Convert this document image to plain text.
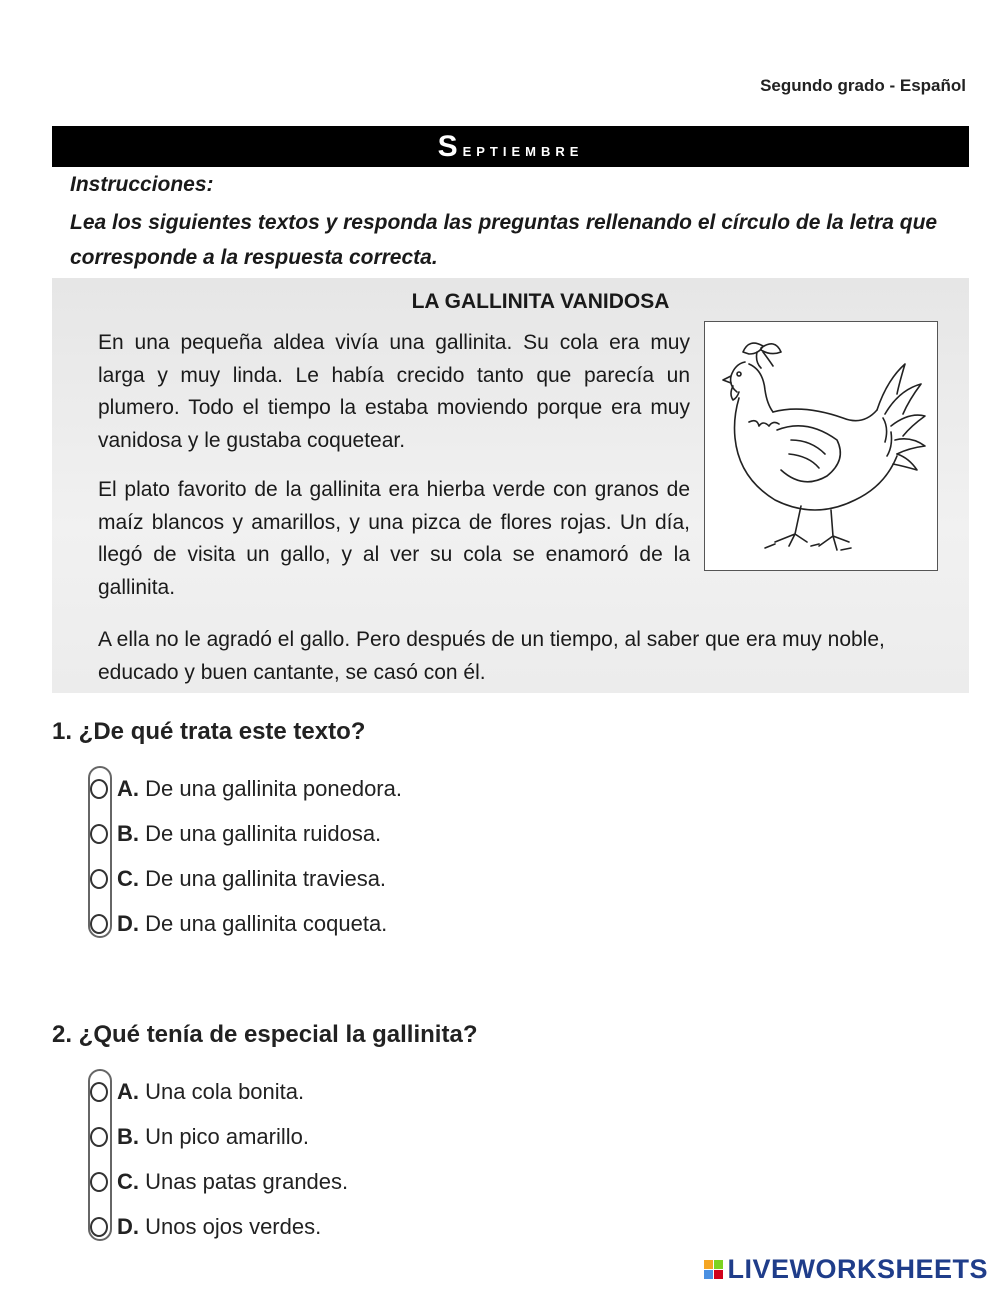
Segundo grado - Español
Septiembre
Instrucciones:
Lea los siguientes textos y responda las preguntas rellenando el círculo de la letra que corresponde a la respuesta correcta.
LA GALLINITA VANIDOSA
En una pequeña aldea vivía una gallinita. Su cola era muy larga y muy linda. Le había crecido tanto que parecía un plumero. Todo el tiempo la estaba moviendo porque era muy vanidosa y le gustaba coquetear.
El plato favorito de la gallinita era hierba verde con granos de maíz blancos y amarillos, y una pizca de flores rojas. Un día, llegó de visita un gallo, y al ver su cola se enamoró de la gallinita.
A ella no le agradó el gallo. Pero después de un tiempo, al saber que era muy noble, educado y buen cantante, se casó con él.
1. ¿De qué trata este texto?
A. De una gallinita ponedora.
B. De una gallinita ruidosa.
C. De una gallinita traviesa.
D. De una gallinita coqueta.
2. ¿Qué tenía de especial la gallinita?
A. Una cola bonita.
B. Un pico amarillo.
C. Unas patas grandes.
D. Unos ojos verdes.
LIVEWORKSHEETS
